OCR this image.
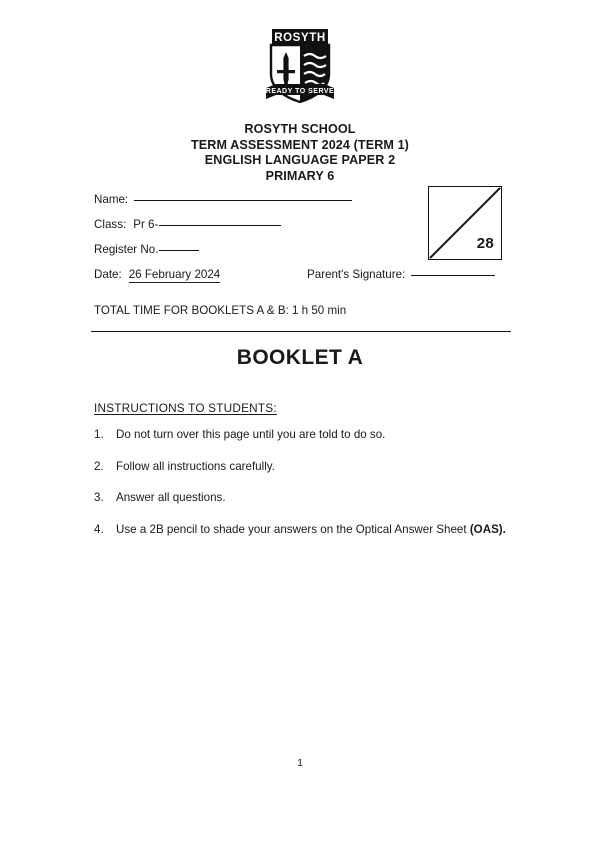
ROSYTH
READY TO SERVE
ROSYTH SCHOOL
TERM ASSESSMENT 2024 (TERM 1)
ENGLISH LANGUAGE PAPER 2
PRIMARY 6
28
Name:
Class: Pr 6-
Register No.
Date: 26 February 2024	Parent's Signature:
TOTAL TIME FOR BOOKLETS A & B: 1 h 50 min
BOOKLET A
INSTRUCTIONS TO STUDENTS:
1.	Do not turn over this page until you are told to do so.
2.	Follow all instructions carefully.
3.	Answer all questions.
4.	Use a 2B pencil to shade your answers on the Optical Answer Sheet (OAS).
1
